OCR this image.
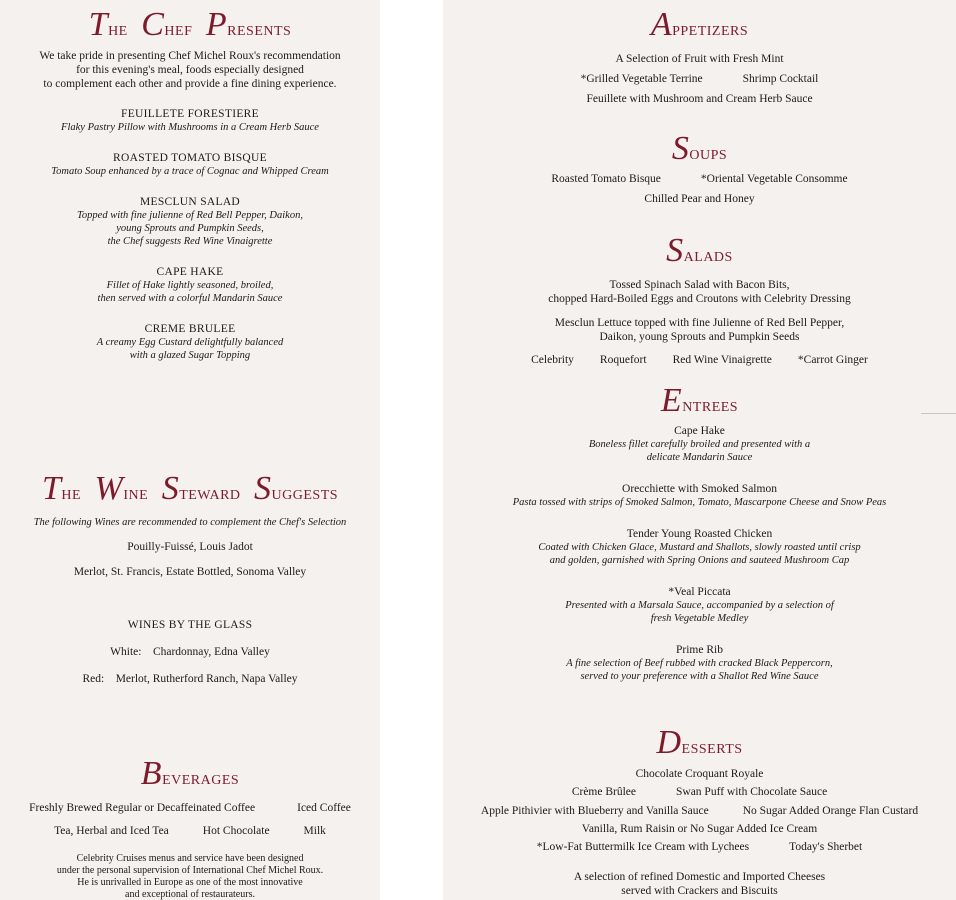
The Chef Presents
We take pride in presenting Chef Michel Roux's recommendation
for this evening's meal, foods especially designed
to complement each other and provide a fine dining experience.
FEUILLETE FORESTIERE
Flaky Pastry Pillow with Mushrooms in a Cream Herb Sauce
ROASTED TOMATO BISQUE
Tomato Soup enhanced by a trace of Cognac and Whipped Cream
MESCLUN SALAD
Topped with fine julienne of Red Bell Pepper, Daikon,
young Sprouts and Pumpkin Seeds,
the Chef suggests Red Wine Vinaigrette
CAPE HAKE
Fillet of Hake lightly seasoned, broiled,
then served with a colorful Mandarin Sauce
CREME BRULEE
A creamy Egg Custard delightfully balanced
with a glazed Sugar Topping
The Wine Steward Suggests
The following Wines are recommended to complement the Chef's Selection
Pouilly-Fuissé, Louis Jadot
Merlot, St. Francis, Estate Bottled, Sonoma Valley
WINES BY THE GLASS
White: Chardonnay, Edna Valley
Red: Merlot, Rutherford Ranch, Napa Valley
Beverages
Freshly Brewed Regular or Decaffeinated Coffee	Iced Coffee
Tea, Herbal and Iced Tea	Hot Chocolate	Milk
Celebrity Cruises menus and service have been designed
under the personal supervision of International Chef Michel Roux.
He is unrivalled in Europe as one of the most innovative
and exceptional of restaurateurs.
Appetizers
A Selection of Fruit with Fresh Mint
*Grilled Vegetable Terrine	Shrimp Cocktail
Feuillete with Mushroom and Cream Herb Sauce
Soups
Roasted Tomato Bisque	*Oriental Vegetable Consomme
Chilled Pear and Honey
Salads
Tossed Spinach Salad with Bacon Bits,
chopped Hard-Boiled Eggs and Croutons with Celebrity Dressing
Mesclun Lettuce topped with fine Julienne of Red Bell Pepper,
Daikon, young Sprouts and Pumpkin Seeds
Celebrity Roquefort Red Wine Vinaigrette *Carrot Ginger
Entrees
Cape Hake
Boneless fillet carefully broiled and presented with a
delicate Mandarin Sauce
Orecchiette with Smoked Salmon
Pasta tossed with strips of Smoked Salmon, Tomato, Mascarpone Cheese and Snow Peas
Tender Young Roasted Chicken
Coated with Chicken Glace, Mustard and Shallots, slowly roasted until crisp
and golden, garnished with Spring Onions and sauteed Mushroom Cap
*Veal Piccata
Presented with a Marsala Sauce, accompanied by a selection of
fresh Vegetable Medley
Prime Rib
A fine selection of Beef rubbed with cracked Black Peppercorn,
served to your preference with a Shallot Red Wine Sauce
Desserts
Chocolate Croquant Royale
Crème Brûlee	Swan Puff with Chocolate Sauce
Apple Pithivier with Blueberry and Vanilla Sauce	No Sugar Added Orange Flan Custard
Vanilla, Rum Raisin or No Sugar Added Ice Cream
*Low-Fat Buttermilk Ice Cream with Lychees	Today's Sherbet
A selection of refined Domestic and Imported Cheeses
served with Crackers and Biscuits
